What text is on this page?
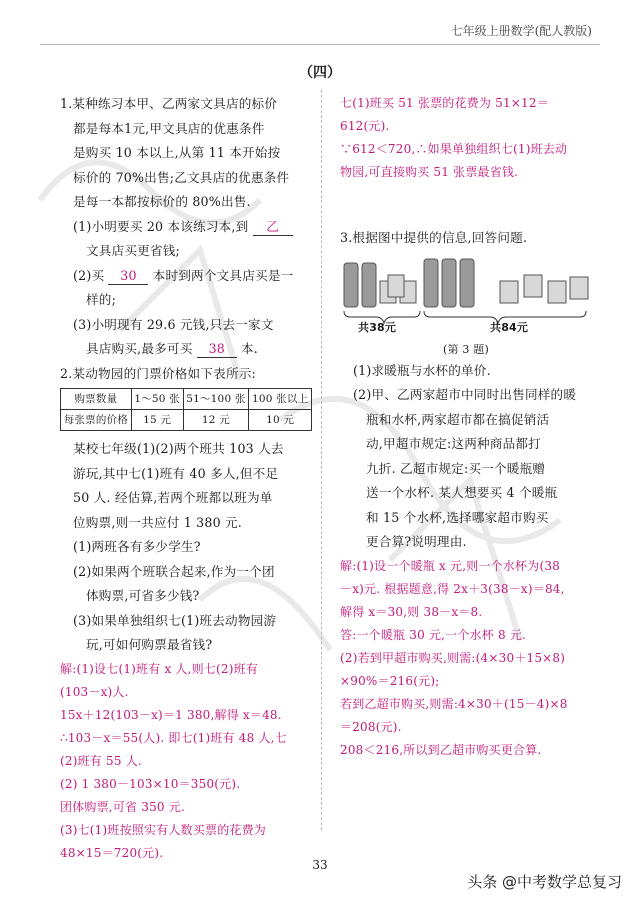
七年级上册数学(配人教版)
（四）

1.某种练习本甲、乙两家文具店的标价

都是每本1元,甲文具店的优惠条件

是购买 10 本以上,从第 11 本开始按

标价的 70%出售;乙文具店的优惠条件

是每一本都按标价的 80%出售.

(1)小明要买 20 本该练习本,到 乙

文具店买更省钱;

(2)买 30 本时到两个文具店买是一

样的;

(3)小明现有 29.6 元钱,只去一家文

具店购买,最多可买 38 本.

2.某动物园的门票价格如下表所示:

购票数量	1～50 张	51～100 张	100 张以上
每张票的价格	15 元	12 元	10 元

某校七年级(1)(2)两个班共 103 人去

游玩,其中七(1)班有 40 多人,但不足

50 人. 经估算,若两个班都以班为单

位购票,则一共应付 1 380 元.

(1)两班各有多少学生?

(2)如果两个班联合起来,作为一个团

体购票,可省多少钱?

(3)如果单独组织七(1)班去动物园游

玩,可如何购票最省钱?

解:(1)设七(1)班有 x 人,则七(2)班有

(103－x)人.

15x＋12(103－x)＝1 380,解得 x＝48.

∴103－x＝55(人). 即七(1)班有 48 人,七

(2)班有 55 人.

(2) 1 380－103×10＝350(元).

团体购票,可省 350 元.

(3)七(1)班按照实有人数买票的花费为

48×15＝720(元).

七(1)班买 51 张票的花费为 51×12＝

612(元).

∵612＜720,∴如果单独组织七(1)班去动

物园,可直接购买 51 张票最省钱.

3.根据图中提供的信息,回答问题.

共38元	共84元
(第 3 题)

(1)求暖瓶与水杯的单价.

(2)甲、乙两家超市中同时出售同样的暖

瓶和水杯,两家超市都在搞促销活

动,甲超市规定:这两种商品都打

九折. 乙超市规定:买一个暖瓶赠

送一个水杯. 某人想要买 4 个暖瓶

和 15 个水杯,选择哪家超市购买

更合算?说明理由.

解:(1)设一个暖瓶 x 元,则一个水杯为(38

－x)元. 根据题意,得 2x＋3(38－x)＝84,

解得 x＝30,则 38－x＝8.

答:一个暖瓶 30 元,一个水杯 8 元.

(2)若到甲超市购买,则需:(4×30＋15×8)

×90%＝216(元);

若到乙超市购买,则需:4×30＋(15－4)×8

＝208(元).

208＜216,所以到乙超市购买更合算.

33
头条 @中考数学总复习
